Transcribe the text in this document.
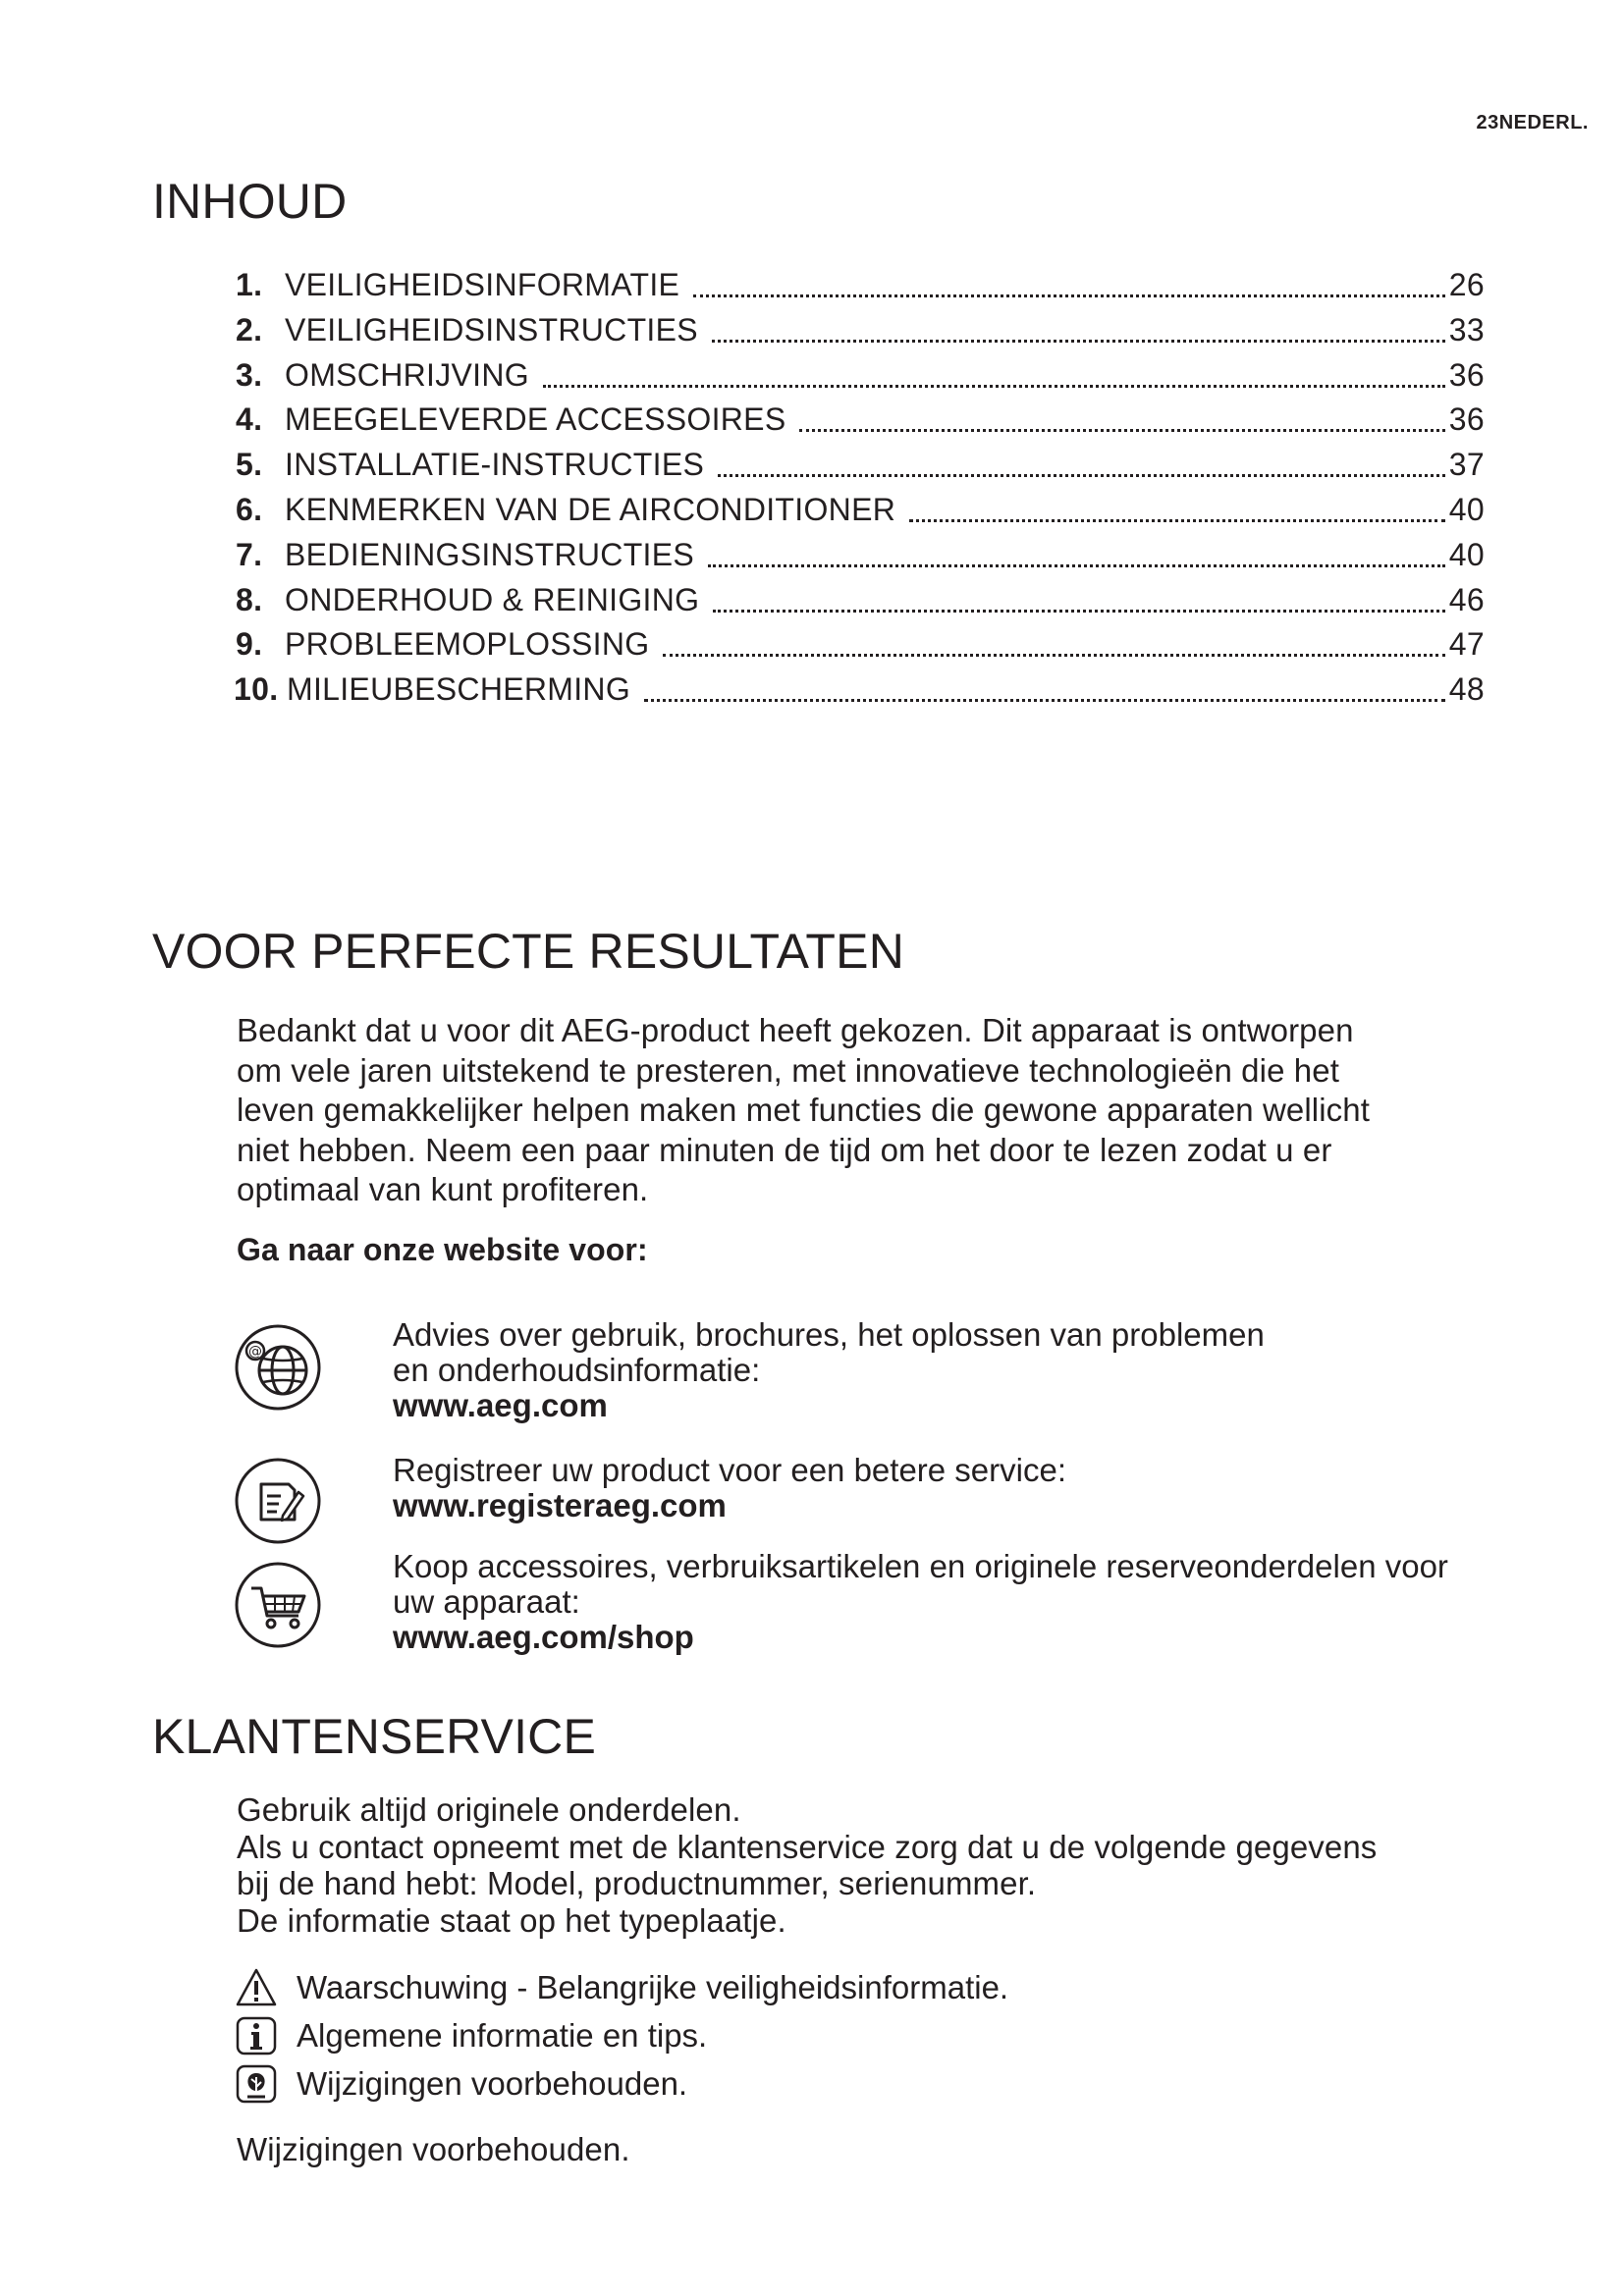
23NEDERL.
INHOUD
1. VEILIGHEIDSINFORMATIE	26
2. VEILIGHEIDSINSTRUCTIES	33
3. OMSCHRIJVING	36
4. MEEGELEVERDE ACCESSOIRES	36
5. INSTALLATIE-INSTRUCTIES	37
6. KENMERKEN VAN DE AIRCONDITIONER	40
7. BEDIENINGSINSTRUCTIES	40
8. ONDERHOUD & REINIGING	46
9. PROBLEEMOPLOSSING	47
10. MILIEUBESCHERMING	48
VOOR PERFECTE RESULTATEN
Bedankt dat u voor dit AEG-product heeft gekozen. Dit apparaat is ontworpen
om vele jaren uitstekend te presteren, met innovatieve technologieën die het
leven gemakkelijker helpen maken met functies die gewone apparaten wellicht
niet hebben. Neem een paar minuten de tijd om het door te lezen zodat u er
optimaal van kunt profiteren.
Ga naar onze website voor:
@	Advies over gebruik, brochures, het oplossen van problemen
en onderhoudsinformatie:
www.aeg.com
Registreer uw product voor een betere service:
www.registeraeg.com
Koop accessoires, verbruiksartikelen en originele reserveonderdelen voor
uw apparaat:
www.aeg.com/shop
KLANTENSERVICE
Gebruik altijd originele onderdelen.
Als u contact opneemt met de klantenservice zorg dat u de volgende gegevens
bij de hand hebt: Model, productnummer, serienummer.
De informatie staat op het typeplaatje.
Waarschuwing - Belangrijke veiligheidsinformatie.
Algemene informatie en tips.
Wijzigingen voorbehouden.
Wijzigingen voorbehouden.
